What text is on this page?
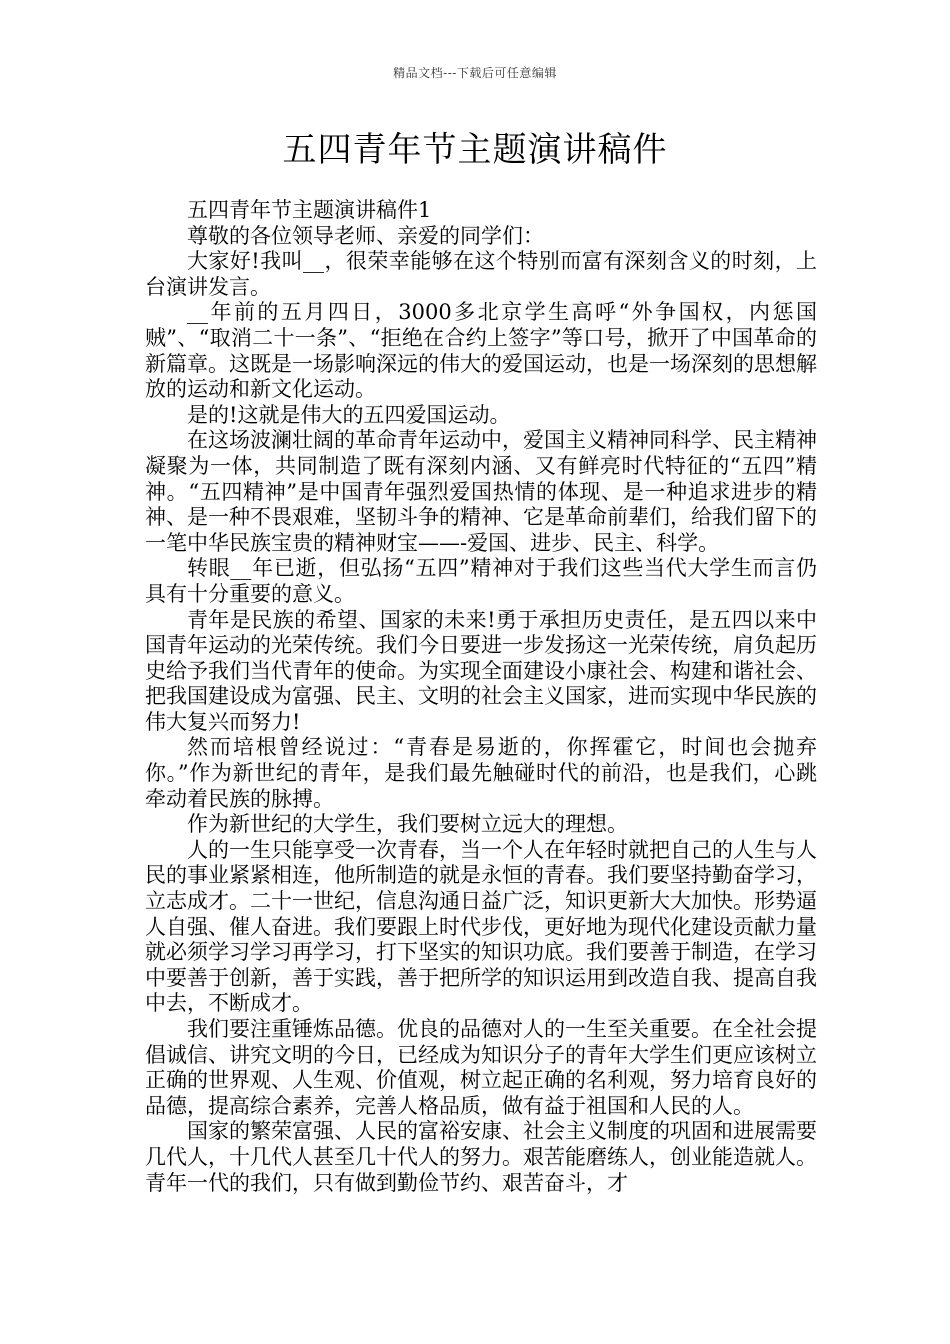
精品文档---下载后可任意编辑
五四青年节主题演讲稿件

五四青年节主题演讲稿件1

尊敬的各位领导老师、亲爱的同学们：

大家好!我叫__，很荣幸能够在这个特别而富有深刻含义的时刻，上台演讲发言。

__年前的五月四日，3000多北京学生高呼“外争国权，内惩国贼”、“取消二十一条”、“拒绝在合约上签字”等口号，掀开了中国革命的新篇章。这既是一场影响深远的伟大的爱国运动，也是一场深刻的思想解放的运动和新文化运动。

是的!这就是伟大的五四爱国运动。

在这场波澜壮阔的革命青年运动中，爱国主义精神同科学、民主精神凝聚为一体，共同制造了既有深刻内涵、又有鲜亮时代特征的“五四”精神。“五四精神”是中国青年强烈爱国热情的体现、是一种追求进步的精神、是一种不畏艰难，坚韧斗争的精神、它是革命前辈们，给我们留下的一笔中华民族宝贵的精神财宝——-爱国、进步、民主、科学。

转眼__年已逝，但弘扬“五四”精神对于我们这些当代大学生而言仍具有十分重要的意义。

青年是民族的希望、国家的未来!勇于承担历史责任，是五四以来中国青年运动的光荣传统。我们今日要进一步发扬这一光荣传统，肩负起历史给予我们当代青年的使命。为实现全面建设小康社会、构建和谐社会、把我国建设成为富强、民主、文明的社会主义国家，进而实现中华民族的伟大复兴而努力!

然而培根曾经说过：“青春是易逝的，你挥霍它，时间也会抛弃你。”作为新世纪的青年，是我们最先触碰时代的前沿，也是我们，心跳牵动着民族的脉搏。

作为新世纪的大学生，我们要树立远大的理想。

人的一生只能享受一次青春，当一个人在年轻时就把自己的人生与人民的事业紧紧相连，他所制造的就是永恒的青春。我们要坚持勤奋学习，立志成才。二十一世纪，信息沟通日益广泛，知识更新大大加快。形势逼人自强、催人奋进。我们要跟上时代步伐，更好地为现代化建设贡献力量就必须学习学习再学习，打下坚实的知识功底。我们要善于制造，在学习中要善于创新，善于实践，善于把所学的知识运用到改造自我、提高自我中去，不断成才。

我们要注重锤炼品德。优良的品德对人的一生至关重要。在全社会提倡诚信、讲究文明的今日，已经成为知识分子的青年大学生们更应该树立正确的世界观、人生观、价值观，树立起正确的名利观，努力培育良好的品德，提高综合素养，完善人格品质，做有益于祖国和人民的人。

国家的繁荣富强、人民的富裕安康、社会主义制度的巩固和进展需要几代人，十几代人甚至几十代人的努力。艰苦能磨练人，创业能造就人。青年一代的我们，只有做到勤俭节约、艰苦奋斗，才
